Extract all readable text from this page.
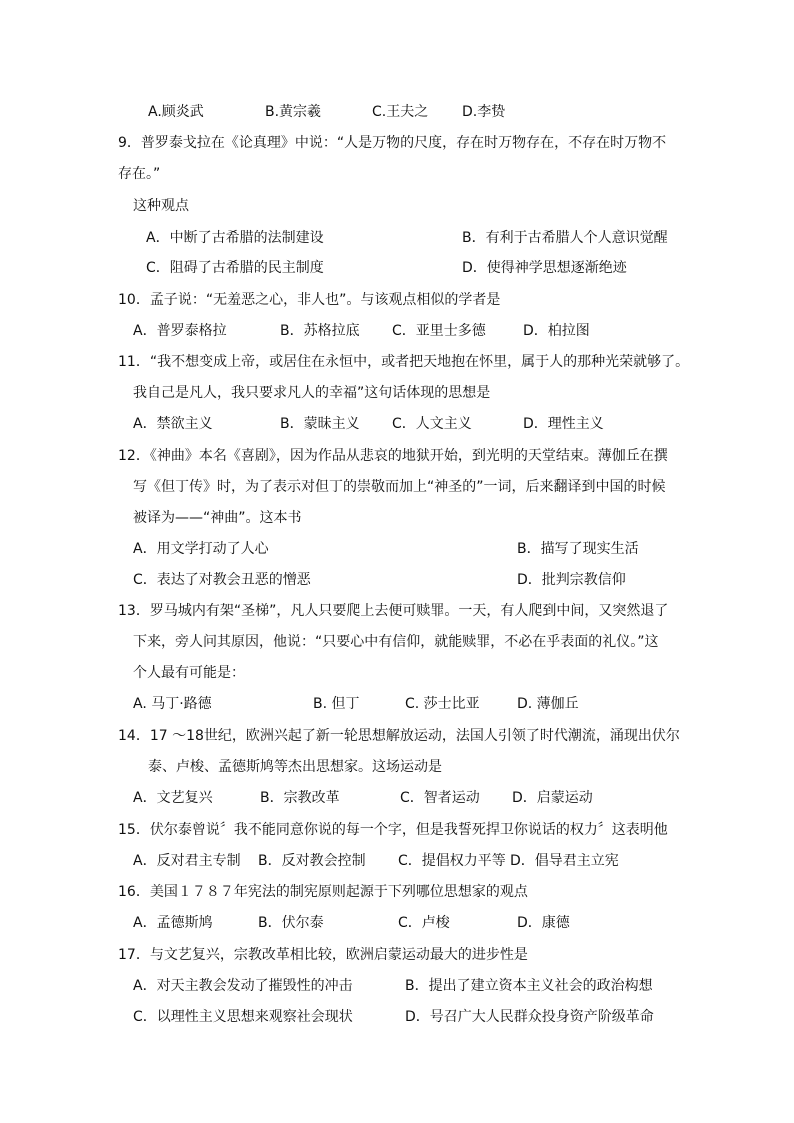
A.顾炎武	B.黄宗羲	C.王夫之 D.李贽
9．普罗泰戈拉在《论真理》中说：“人是万物的尺度，存在时万物存在，不存在时万物不
存在。”
这种观点
A．中断了古希腊的法制建设	B．有利于古希腊人个人意识觉醒
C．阻碍了古希腊的民主制度	D．使得神学思想逐渐绝迹
10．孟子说：“无羞恶之心，非人也”。与该观点相似的学者是
A．普罗泰格拉	B．苏格拉底 C．亚里士多德	D．柏拉图
11．“我不想变成上帝，或居住在永恒中，或者把天地抱在怀里，属于人的那种光荣就够了。
我自己是凡人，我只要求凡人的幸福”这句话体现的思想是
A．禁欲主义	B．蒙昧主义 C．人文主义	D．理性主义
12．《神曲》本名《喜剧》，因为作品从悲哀的地狱开始，到光明的天堂结束。薄伽丘在撰
写《但丁传》时，为了表示对但丁的崇敬而加上“神圣的”一词，后来翻译到中国的时候
被译为——“神曲”。这本书
A．用文学打动了人心	B．描写了现实生活
C．表达了对教会丑恶的憎恶	D．批判宗教信仰
13．罗马城内有架“圣梯”，凡人只要爬上去便可赎罪。一天，有人爬到中间，又突然退了
下来，旁人问其原因，他说：“只要心中有信仰，就能赎罪，不必在乎表面的礼仪。”这
个人最有可能是：
A. 马丁·路德	B. 但丁	C. 莎士比亚	D. 薄伽丘
14．17 ～18世纪，欧洲兴起了新一轮思想解放运动，法国人引领了时代潮流，涌现出伏尔
泰、卢梭、孟德斯鸠等杰出思想家。这场运动是
A．文艺复兴	B．宗教改革	C．智者运动 D．启蒙运动
15．伏尔泰曾说〞我不能同意你说的每一个字，但是我誓死捍卫你说话的权力〞这表明他
A．反对君主专制 B．反对教会控制 C．提倡权力平等 D．倡导君主立宪
16．美国１７８７年宪法的制宪原则起源于下列哪位思想家的观点
A．孟德斯鸠	B．伏尔泰	C．卢梭	D．康德
17．与文艺复兴，宗教改革相比较，欧洲启蒙运动最大的进步性是
A．对天主教会发动了摧毁性的冲击	B．提出了建立资本主义社会的政治构想
C．以理性主义思想来观察社会现状	D．号召广大人民群众投身资产阶级革命
